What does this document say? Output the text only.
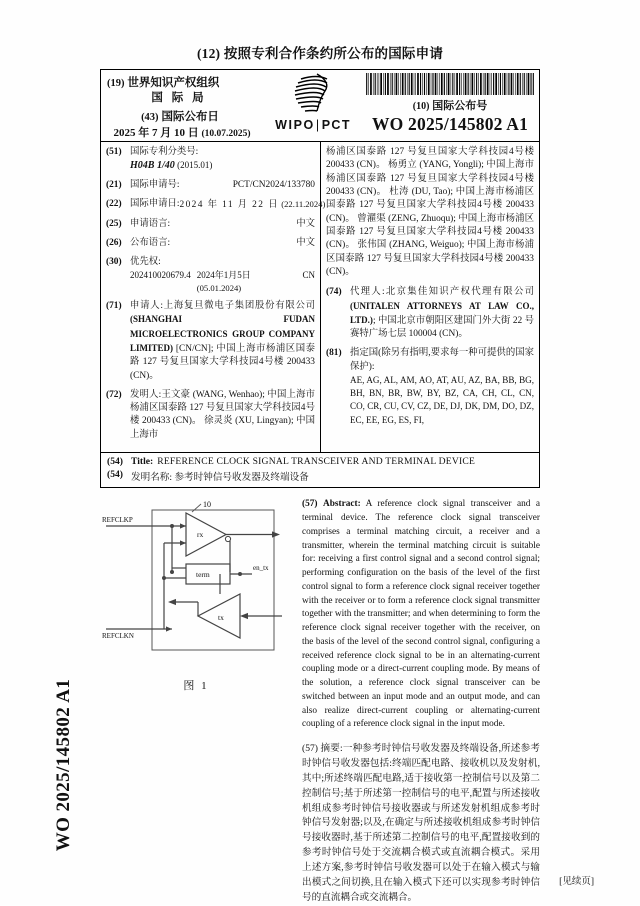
WO 2025/145802 A1
(12) 按照专利合作条约所公布的国际申请
(19) 世界知识产权组织
国 际 局
(43) 国际公布日
2025 年 7 月 10 日 (10.07.2025)
WIPO|PCT
(10) 国际公布号
WO 2025/145802 A1
(51) 国际专利分类号:
H04B 1/40 (2015.01)
(21) 国际申请号:	PCT/CN2024/133780
(22) 国际申请日: 2024 年 11 月 22 日 (22.11.2024)
(25) 申请语言:	中文
(26) 公布语言:	中文
(30) 优先权:
202410020679.4 2024年1月5日 (05.01.2024)
CN
(71) 申请人:上海复旦微电子集团股份有限公司 (SHANGHAI FUDAN MICROELECTRONICS GROUP COMPANY LIMITED) [CN/CN]; 中国上海市杨浦区国泰路 127 号复旦国家大学科技园4号楼 200433 (CN)。
(72) 发明人:王文豪 (WANG, Wenhao); 中国上海市杨浦区国泰路 127 号复旦国家大学科技园4号楼 200433 (CN)。 徐灵炎 (XU, Lingyan); 中国上海市
杨浦区国泰路 127 号复旦国家大学科技园4号楼 200433 (CN)。 杨勇立 (YANG, Yongli); 中国上海市杨浦区国泰路 127 号复旦国家大学科技园4号楼 200433 (CN)。 杜涛 (DU, Tao); 中国上海市杨浦区国泰路 127 号复旦国家大学科技园4号楼 200433 (CN)。 曾濯渠 (ZENG, Zhuoqu); 中国上海市杨浦区国泰路 127 号复旦国家大学科技园4号楼 200433 (CN)。 张伟国 (ZHANG, Weiguo); 中国上海市杨浦区国泰路 127 号复旦国家大学科技园4号楼 200433 (CN)。
(74) 代理人:北京集佳知识产权代理有限公司(UNITALEN ATTORNEYS AT LAW CO., LTD.); 中国北京市朝阳区建国门外大街 22 号赛特广场七层 100004 (CN)。
(81) 指定国(除另有指明,要求每一种可提供的国家保护):
AE, AG, AL, AM, AO, AT, AU, AZ, BA, BB, BG, BH, BN, BR, BW, BY, BZ, CA, CH, CL, CN, CO, CR, CU, CV, CZ, DE, DJ, DK, DM, DO, DZ, EC, EE, EG, ES, FI,
(54) Title: REFERENCE CLOCK SIGNAL TRANSCEIVER AND TERMINAL DEVICE
(54) 发明名称: 参考时钟信号收发器及终端设备
10
REFCLKP
REFCLKN
rx
term
en_tx
tx
图 1

(57) Abstract: A reference clock signal transceiver and a terminal device. The reference clock signal transceiver comprises a terminal matching circuit, a receiver and a transmitter, wherein the terminal matching circuit is suitable for: receiving a first control signal and a second control signal; performing configuration on the basis of the level of the first control signal to form a reference clock signal receiver together with the receiver or to form a reference clock signal transmitter together with the transmitter; and when determining to form the reference clock signal receiver together with the receiver, on the basis of the level of the second control signal, configuring a received reference clock signal to be in an alternating-current coupling mode or a direct-current coupling mode. By means of the solution, a reference clock signal transceiver can be switched between an input mode and an output mode, and can also realize direct-current coupling or alternating-current coupling of a reference clock signal in the input mode.

(57) 摘要:一种参考时钟信号收发器及终端设备,所述参考时钟信号收发器包括:终端匹配电路、接收机以及发射机,其中;所述终端匹配电路,适于接收第一控制信号以及第二控制信号;基于所述第一控制信号的电平,配置与所述接收机组成参考时钟信号接收器或与所述发射机组成参考时钟信号发射器;以及,在确定与所述接收机组成参考时钟信号接收器时,基于所述第二控制信号的电平,配置接收到的参考时钟信号处于交流耦合模式或直流耦合模式。采用上述方案,参考时钟信号收发器可以处于在输入模式与输出模式之间切换,且在输入模式下还可以实现参考时钟信号的直流耦合或交流耦合。

[见续页]
